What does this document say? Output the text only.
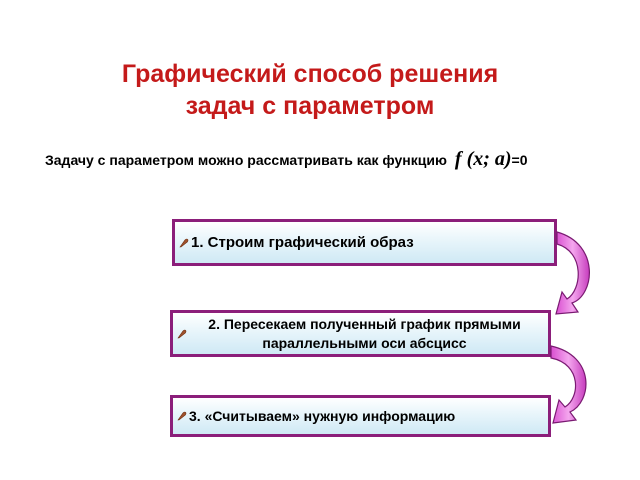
Графический способ решения
задач с параметром
Задачу с параметром можно рассматривать как функцию f (x; a)=0
1. Строим графический образ
2. Пересекаем полученный график прямыми
параллельными оси абсцисс
3. «Считываем» нужную информацию
